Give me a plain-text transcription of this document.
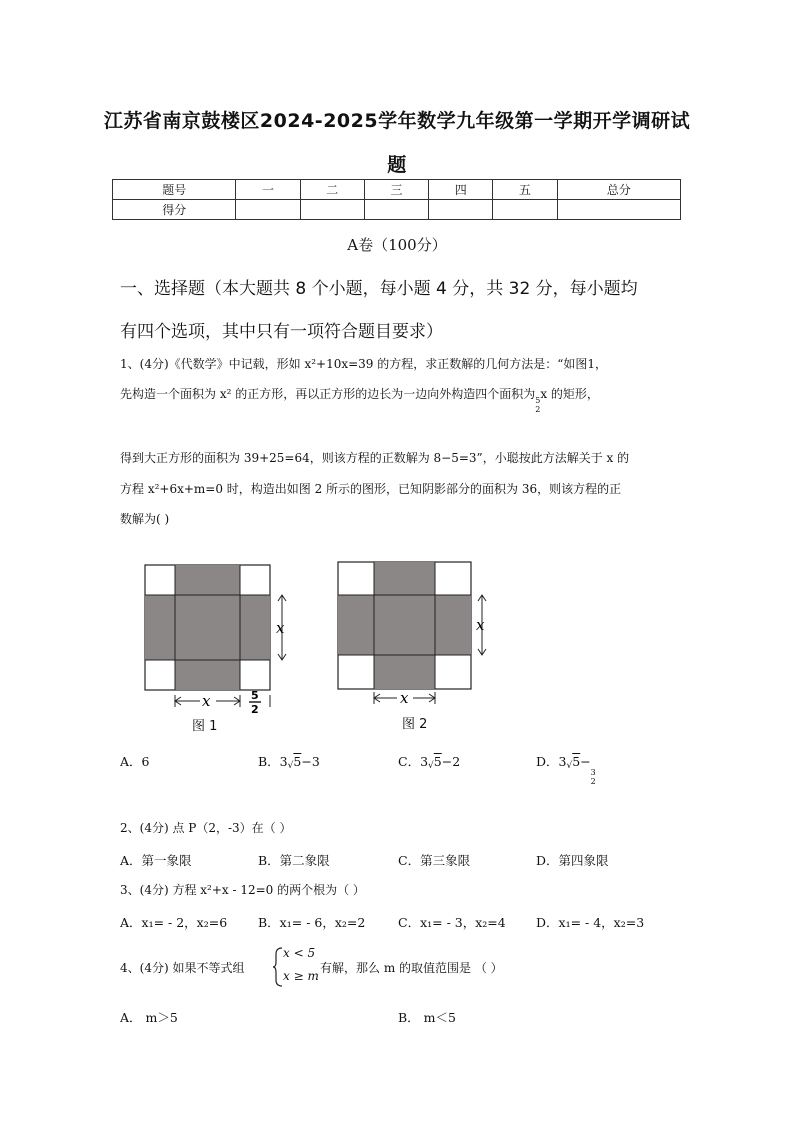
江苏省南京鼓楼区2024-2025学年数学九年级第一学期开学调研试
题
题号	一	二	三	四	五	总分
得分						
A卷（100分）
一、选择题（本大题共 8 个小题，每小题 4 分，共 32 分，每小题均
有四个选项，其中只有一项符合题目要求）
1、(4分)《代数学》中记载，形如 x²+10x=39 的方程，求正数解的几何方法是：“如图1，
先构造一个面积为 x² 的正方形，再以正方形的边长为一边向外构造四个面积为 5
2
x 的矩形，
得到大正方形的面积为 39+25=64，则该方程的正数解为 8−5=3”，小聪按此方法解关于 x 的
方程 x²+6x+m=0 时，构造出如图 2 所示的图形，已知阴影部分的面积为 36，则该方程的正
数解为( )
x
x	5
2
图 1
x
x
图 2
A．6	B．3√5−3	C．3√5−2	D．3√5−
3
2
2、(4分) 点 P（2，-3）在（ ）
A．第一象限	B．第二象限	C．第三象限	D．第四象限
3、(4分) 方程 x²+x - 12=0 的两个根为（ ）
A．x₁= - 2，x₂=6 B．x₁= - 6，x₂=2	C．x₁= - 3，x₂=4 D．x₁= - 4，x₂=3
4、(4分) 如果不等式组
x < 5
x ≥ m
有解，那么 m 的取值范围是 （ ）
A． m＞5	B． m＜5
